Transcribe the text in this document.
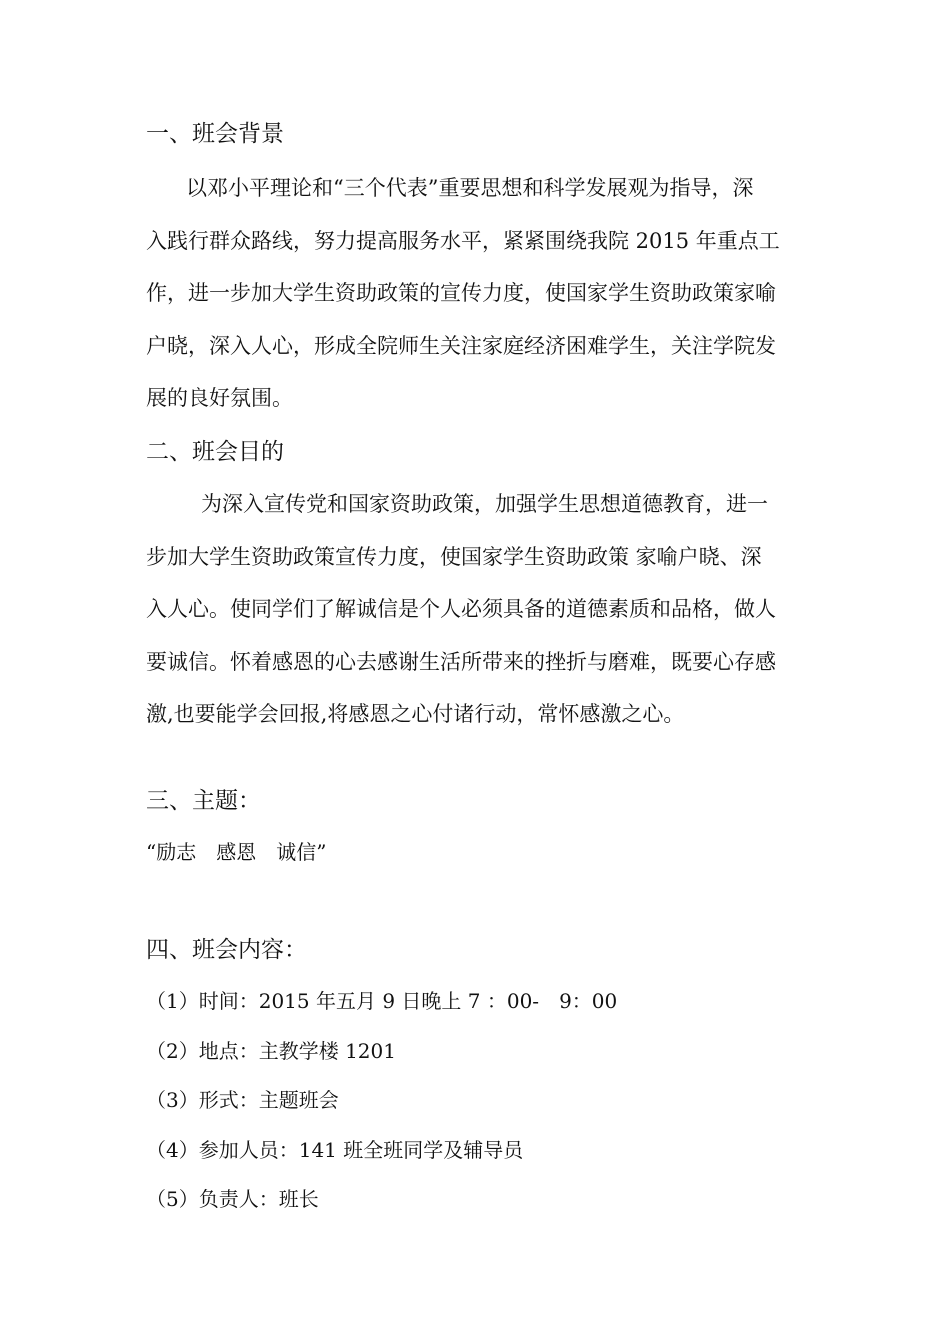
一、班会背景

以邓小平理论和“三个代表”重要思想和科学发展观为指导，深
入践行群众路线，努力提高服务水平，紧紧围绕我院 2015 年重点工
作，进一步加大学生资助政策的宣传力度，使国家学生资助政策家喻
户晓，深入人心，形成全院师生关注家庭经济困难学生，关注学院发
展的良好氛围。

二、班会目的

为深入宣传党和国家资助政策，加强学生思想道德教育，进一
步加大学生资助政策宣传力度，使国家学生资助政策 家喻户晓、深
入人心。使同学们了解诚信是个人必须具备的道德素质和品格，做人
要诚信。怀着感恩的心去感谢生活所带来的挫折与磨难，既要心存感
激,也要能学会回报,将感恩之心付诸行动，常怀感激之心。

三、主题：

“励志　感恩　诚信”

四、班会内容：

（1）时间：2015 年五月 9 日晚上 7 ：00-　9：00

（2）地点：主教学楼 1201

（3）形式：主题班会

（4）参加人员：141 班全班同学及辅导员

（5）负责人：班长
